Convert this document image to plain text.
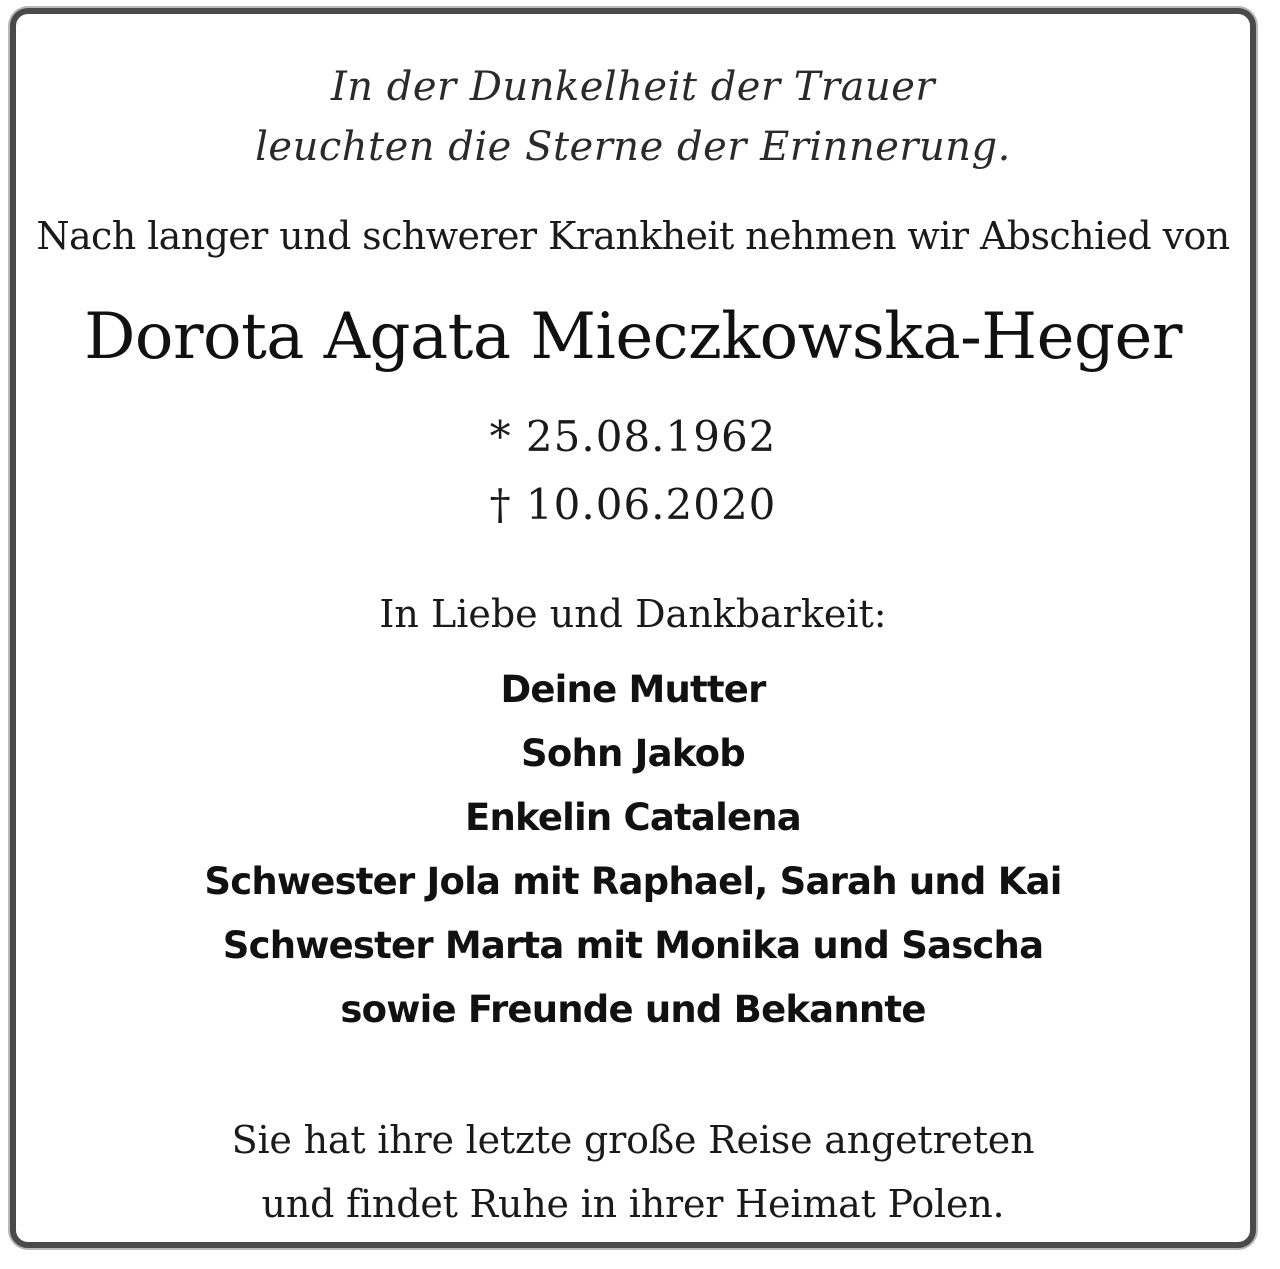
In der Dunkelheit der Trauer
leuchten die Sterne der Erinnerung.
Nach langer und schwerer Krankheit nehmen wir Abschied von
Dorota Agata Mieczkowska-Heger
* 25.08.1962
† 10.06.2020
In Liebe und Dankbarkeit:
Deine Mutter
Sohn Jakob
Enkelin Catalena
Schwester Jola mit Raphael, Sarah und Kai
Schwester Marta mit Monika und Sascha
sowie Freunde und Bekannte
Sie hat ihre letzte große Reise angetreten
und findet Ruhe in ihrer Heimat Polen.
